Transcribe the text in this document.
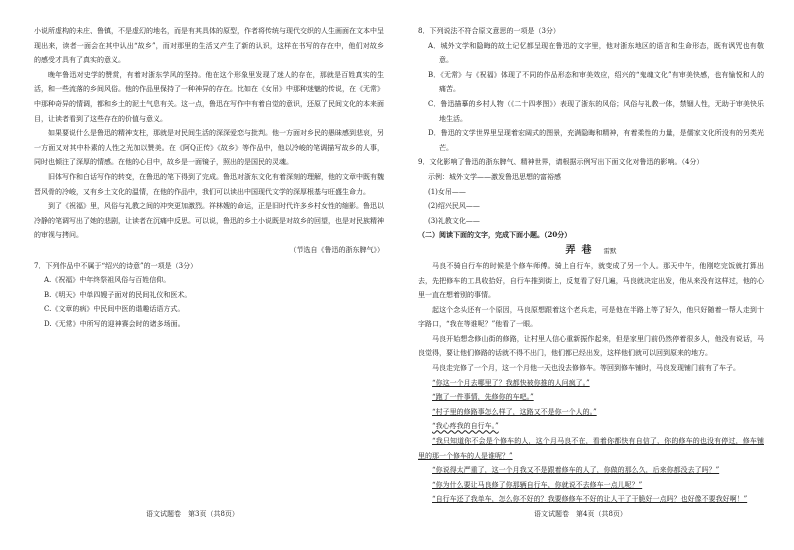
小说所虚构的未庄、鲁镇，不是虚幻的地名，而是有其具体的原型，作者将传统与现代交织的人生画面在文本中呈现出来，读者一面会在其中认出“故乡”，而对那里的生活又产生了新的认识，这样在书写的存在中，他们对故乡的感受才具有了真实的意义。

晚年鲁迅对史学的赞赏，有着对浙东学风的坚持。他在这个形象里发现了迷人的存在，那就是百姓真实的生活，和一些流落的乡间风俗。他的作品里保持了一种神异的存在。比如在《女吊》中那种迷魅的传说，在《无常》中那种奇异的情调，都和乡土的泥土气息有关。这一点，鲁迅在写作中有着自觉的意识，还原了民间文化的本来面目，让读者看到了这些存在的价值与意义。

如果要说什么是鲁迅的精神支柱，那就是对民间生活的深深爱恋与批判。他一方面对乡民的愚昧感到悲哀，另一方面又对其中朴素的人性之光加以赞美。在《阿Q正传》《故乡》等作品中，他以冷峻的笔调描写故乡的人事，同时也倾注了深厚的情感。在他的心目中，故乡是一面镜子，照出的是国民的灵魂。

旧体写作和白话写作的转变，在鲁迅的笔下得到了完成。鲁迅对浙东文化有着深刻的理解，他的文章中既有魏晋风骨的冷峻，又有乡土文化的温情，在他的作品中，我们可以读出中国现代文学的深厚根基与旺盛生命力。

到了《祝福》里，风俗与礼教之间的冲突更加激烈。祥林嫂的命运，正是旧时代许多乡村女性的缩影。鲁迅以冷静的笔调写出了她的悲剧，让读者在沉痛中反思。可以说，鲁迅的乡土小说既是对故乡的回望，也是对民族精神的审视与拷问。

（节选自《鲁迅的浙东脾气》）

7．下列作品中不属于“绍兴的诗意”的一项是（3分）

A.《祝福》中年终祭祖风俗与百姓信仰。

B.《明天》中单四嫂子面对的民间礼仪和医术。

C.《文章的病》中民间中医的谐趣话语方式。

D.《无常》中所写的迎神赛会时的诸多场面。

8．下列说法不符合原文意思的一项是（3分）

A．城外文学和隐晦的故土记忆都呈现在鲁迅的文字里，他对浙东地区的语言和生命形态，既有讽咒也有敬意。

B．《无常》与《祝福》体现了不同的作品形态和审美效应，绍兴的“鬼魂文化”有审美快感，也有愉悦和人的痛苦。

C．鲁迅描摹的乡村人物（《二十四孝图》）表现了浙东的风俗；风俗与礼教一体，禁锢人性，无助于审美快乐地生活。

D．鲁迅的文学世界里呈现着宏阔式的图景，充满隐晦和精神，有着柔性的力量，是儒家文化所没有的另类光芒。

9．文化影响了鲁迅的浙东脾气、精神世界，请根据示例写出下面文化对鲁迅的影响。（4分）

示例：城外文学——激发鲁迅思想的富裕感

(1)女吊——

(2)绍兴民风——

(3)礼教文化——

（二）阅读下面的文字，完成下面小题。（20分）

弄巷 雷默

马良不骑自行车的时候是个修车师傅。骑上自行车，就变成了另一个人。那天中午，他刚吃完饭就打算出去，先把修车的工具收拾好，自行车推到街上，反复看了好几遍，马良就决定出发，他从来没有这样过，他的心里一直在想着别的事情。

起这个念头还有一个原因，马良原想跟着这个老兵走，可是他在半路上等了好久，他只好随着一帮人走到十字路口，“我在等谁呢？”他看了一眼。

马良开始想念修山街的修路，让村里人信心重新振作起来，但是家里门前仍然停着很多人，他没有说话，马良觉得，要让他们修路的话就不得不出门，他们都已经出发，这样他们就可以回到原来的地方。

马良走完修了一个月，这一个月他一天也没去修修车。等回到修车铺时，马良发现铺门前有了车子。

“你这一个月去哪里了？我都快被你推的人问疯了。”

“跑了一件事情，先修你的车吧。”

“村子里的修路事怎么样了，这路又不是你一个人的。”

“我心疼我的自行车。”

“我只知道你不会是个修车的人，这个月马良不在，看着你都快有自信了，你的修车的也没有停过，修车铺里的那一个修车的人是谁呢？”

“你说得太严重了，这一个月我又不是跟着修车的人了，你做的那么久，后来你都没去了吗？”

“你为什么要让马良修了你那辆自行车，你就说不去修车一点儿呢？”

“自行车还了我单车，怎么你不好的？我要修修车不好的让人干了干脆好一点吗？也好像不要我好啊！”

语文试题卷　第3页（共8页）	语文试题卷　第4页（共8页）
